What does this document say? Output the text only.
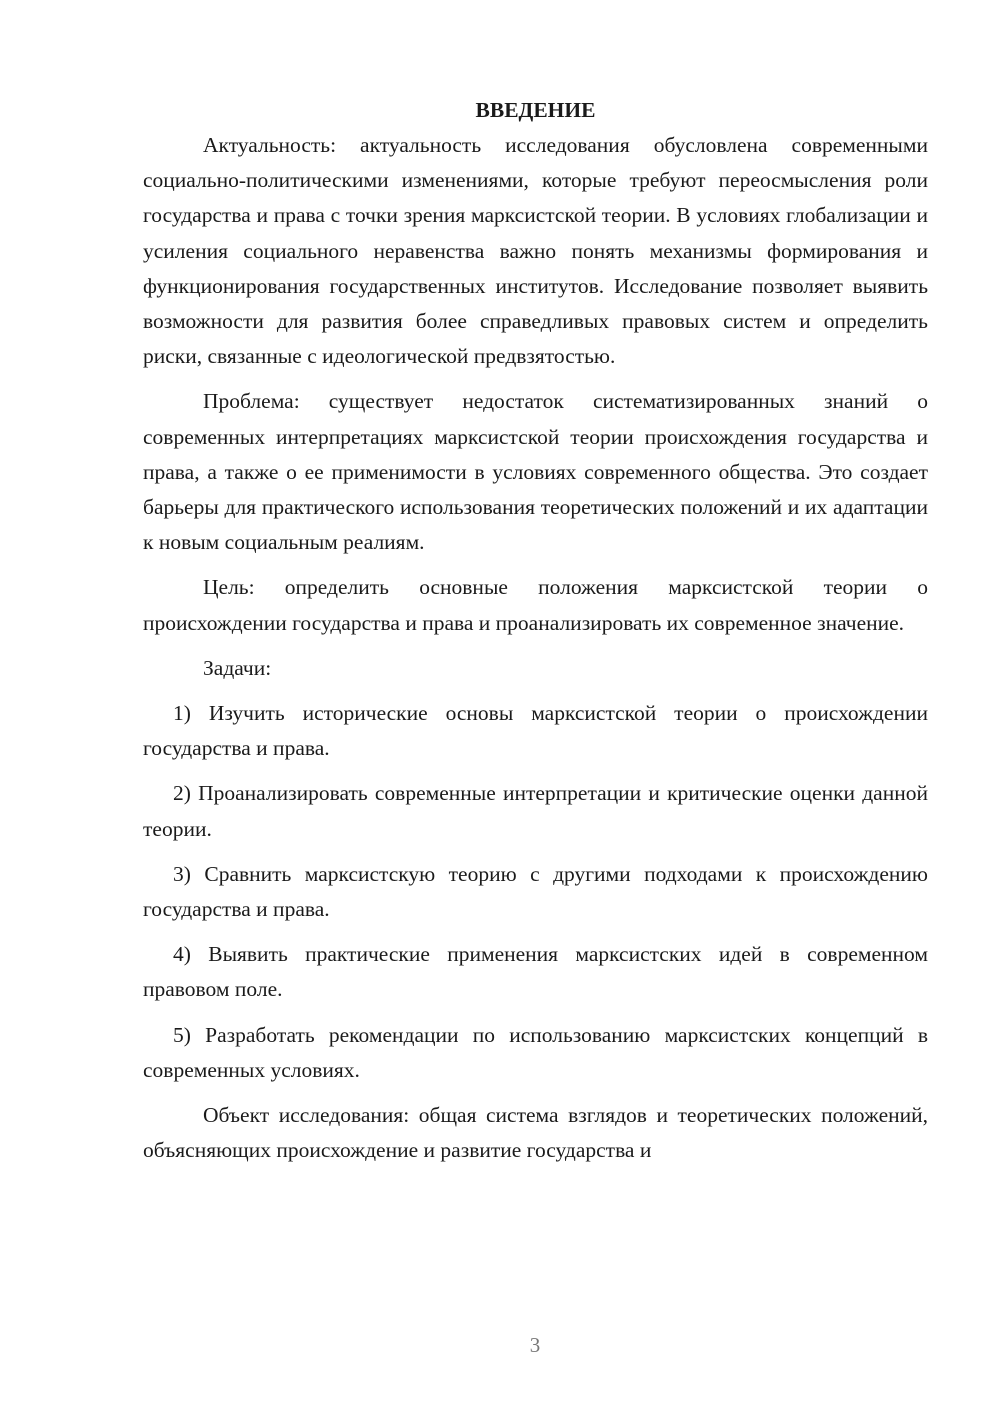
ВВЕДЕНИЕ

Актуальность: актуальность исследования обусловлена современными социально-политическими изменениями, которые требуют переосмысления роли государства и права с точки зрения марксистской теории. В условиях глобализации и усиления социального неравенства важно понять механизмы формирования и функционирования государственных институтов. Исследование позволяет выявить возможности для развития более справедливых правовых систем и определить риски, связанные с идеологической предвзятостью.

Проблема: существует недостаток систематизированных знаний о современных интерпретациях марксистской теории происхождения государства и права, а также о ее применимости в условиях современного общества. Это создает барьеры для практического использования теоретических положений и их адаптации к новым социальным реалиям.

Цель: определить основные положения марксистской теории о происхождении государства и права и проанализировать их современное значение.

Задачи:

1) Изучить исторические основы марксистской теории о происхождении государства и права.

2) Проанализировать современные интерпретации и критические оценки данной теории.

3) Сравнить марксистскую теорию с другими подходами к происхождению государства и права.

4) Выявить практические применения марксистских идей в современном правовом поле.

5) Разработать рекомендации по использованию марксистских концепций в современных условиях.

Объект исследования: общая система взглядов и теоретических положений, объясняющих происхождение и развитие государства и

3
